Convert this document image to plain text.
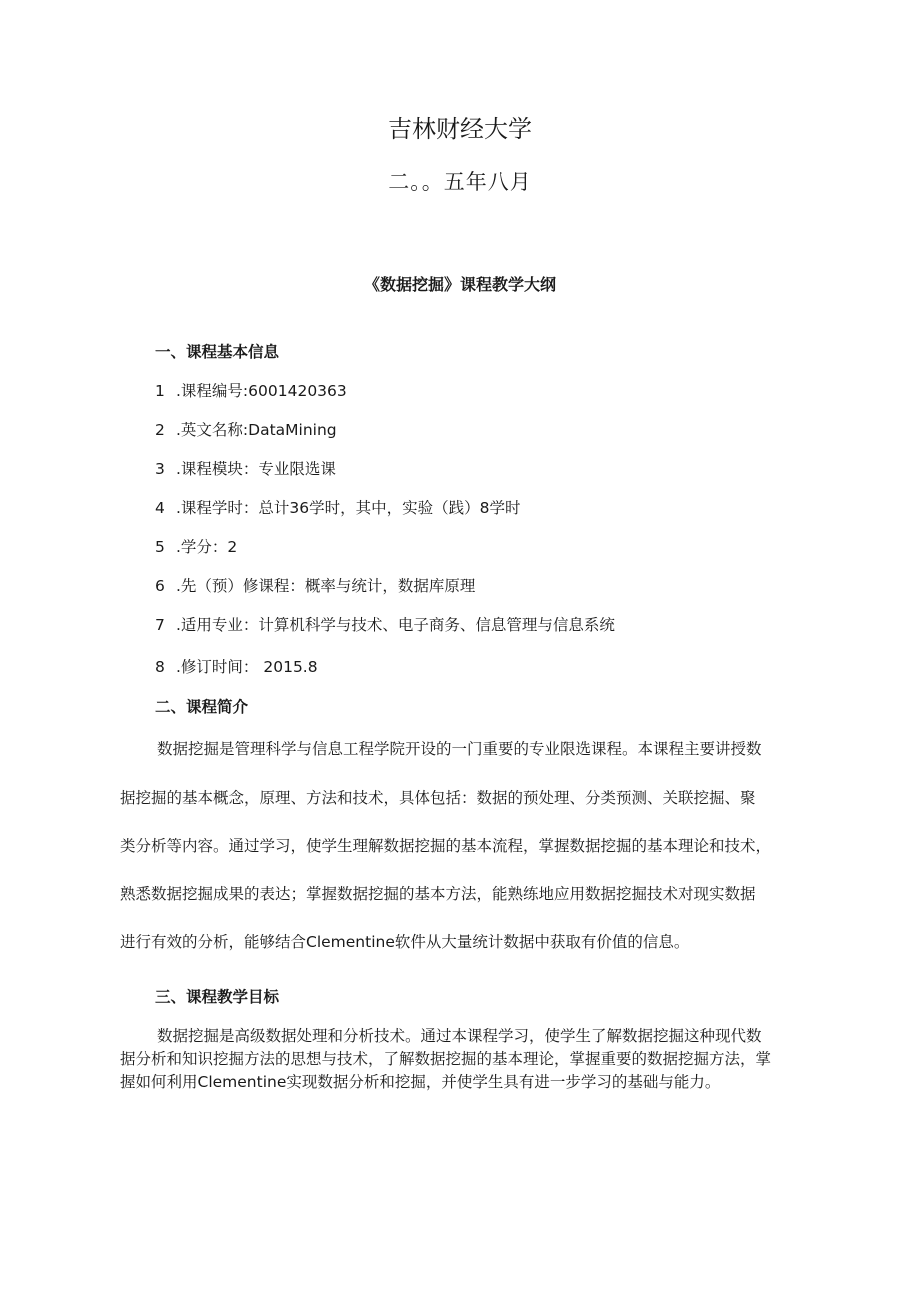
吉林财经大学
二。。五年八月
《数据挖掘》课程教学大纲
一、课程基本信息
1 .课程编号:6001420363
2 .英文名称:DataMining
3 .课程模块：专业限选课
4 .课程学时：总计36学时，其中，实验（践）8学时
5 .学分：2
6 .先（预）修课程：概率与统计，数据库原理
7 .适用专业：计算机科学与技术、电子商务、信息管理与信息系统
8 .修订时间： 2015.8
二、课程简介
数据挖掘是管理科学与信息工程学院开设的一门重要的专业限选课程。本课程主要讲授数
据挖掘的基本概念，原理、方法和技术，具体包括：数据的预处理、分类预测、关联挖掘、聚
类分析等内容。通过学习，使学生理解数据挖掘的基本流程，掌握数据挖掘的基本理论和技术，
熟悉数据挖掘成果的表达；掌握数据挖掘的基本方法，能熟练地应用数据挖掘技术对现实数据
进行有效的分析，能够结合Clementine软件从大量统计数据中获取有价值的信息。
三、课程教学目标
数据挖掘是高级数据处理和分析技术。通过本课程学习，使学生了解数据挖掘这种现代数
据分析和知识挖掘方法的思想与技术，了解数据挖掘的基本理论，掌握重要的数据挖掘方法，掌
握如何利用Clementine实现数据分析和挖掘，并使学生具有进一步学习的基础与能力。
